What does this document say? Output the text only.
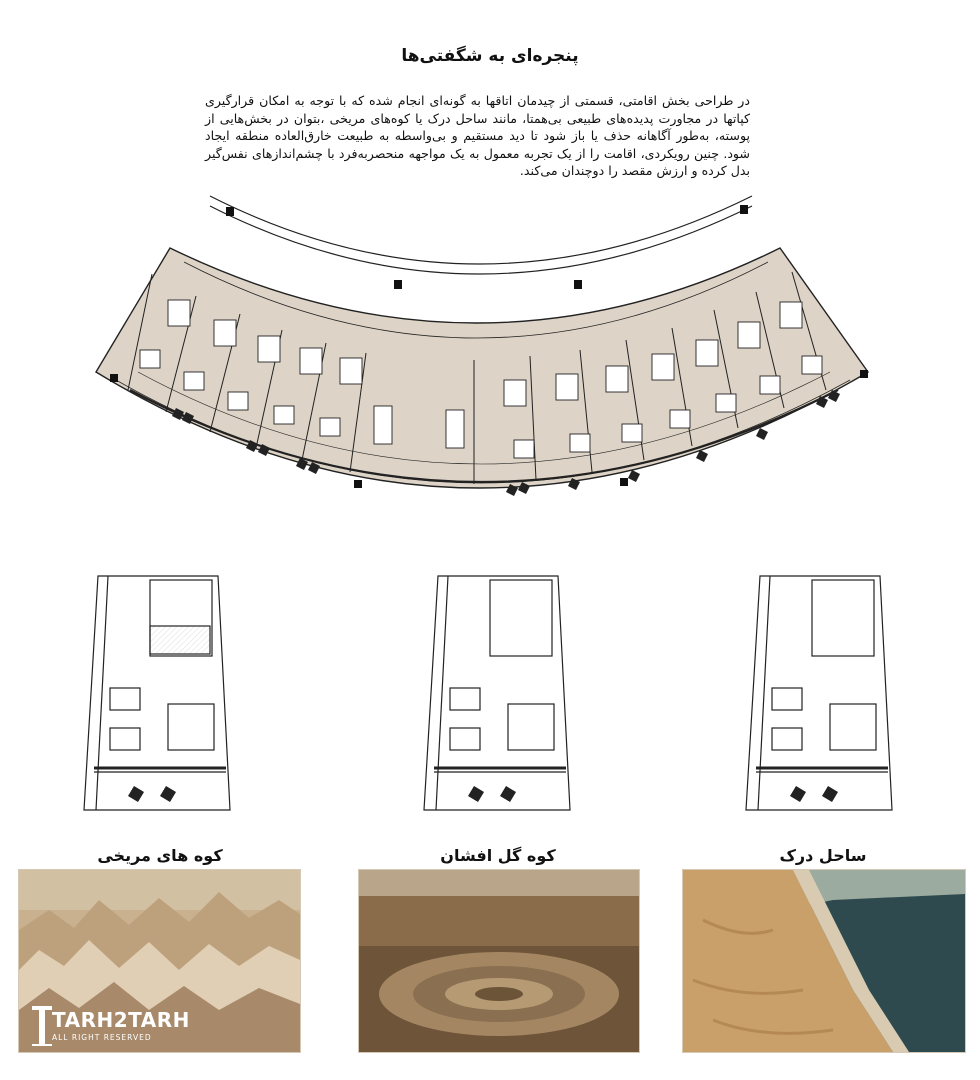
پنجره‌ای به شگفتی‌ها
در طراحی بخش اقامتی، قسمتی از چیدمان اتاقها به گونه‌ای انجام شده که با توجه به امکان قرارگیری کپاتها در مجاورت پدیده‌های طبیعی بی‌همتا، مانند ساحل درک یا کوه‌های مریخی ،بتوان در بخش‌هایی از پوسته، به‌طور آگاهانه حذف یا باز شود تا دید مستقیم و بی‌واسطه به طبیعت خارق‌العاده منطقه ایجاد شود. چنین رویکردی، اقامت را از یک تجربه معمول به یک مواجهه منحصربه‌فرد با چشم‌اندازهای نفس‌گیر بدل کرده و ارزش مقصد را دوچندان می‌کند.
کوه های مریخی	کوه گل افشان	ساحل درک
TARH2TARH
ALL RIGHT RESERVED
